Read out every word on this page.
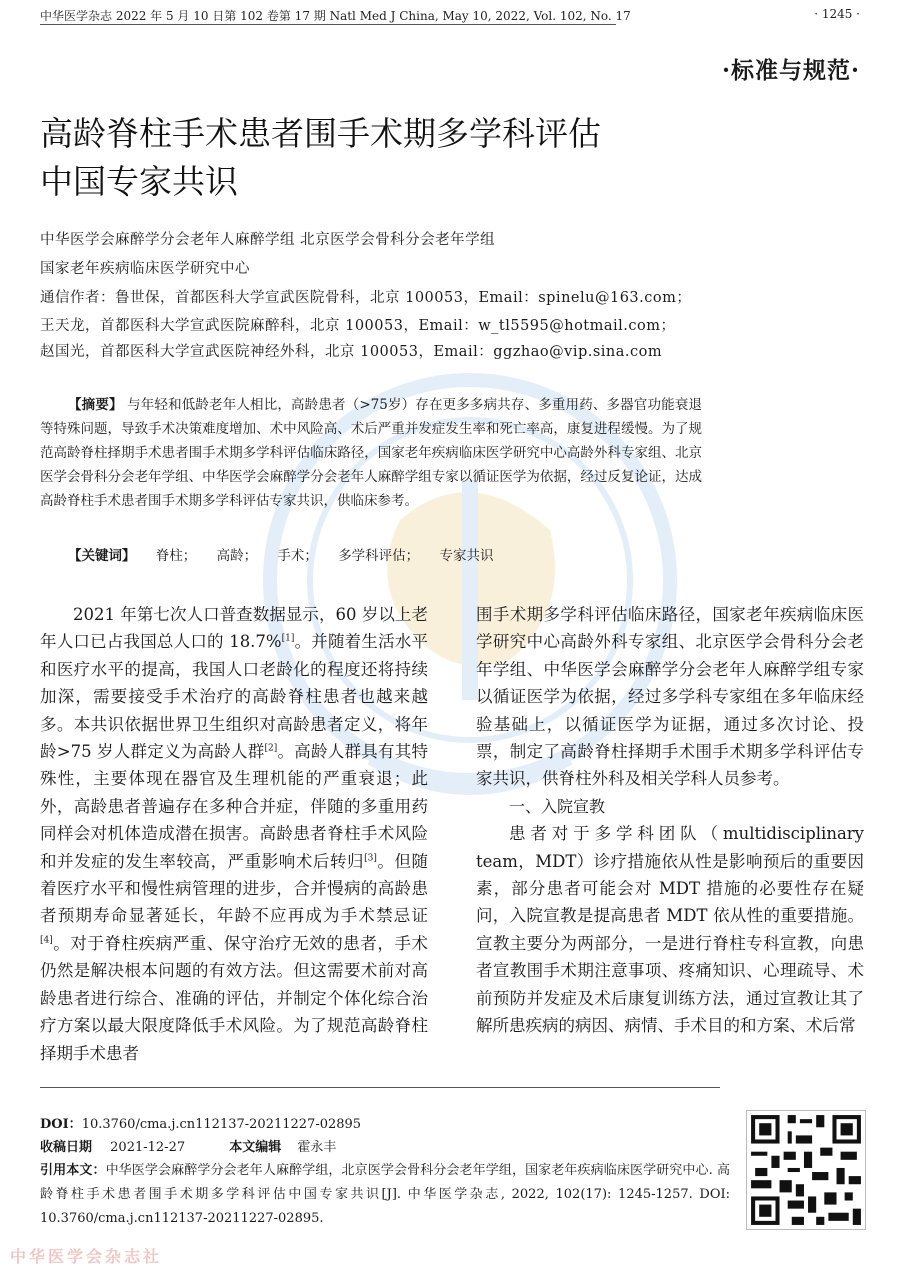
中华医学杂志 2022 年 5 月 10 日第 102 卷第 17 期 Natl Med J China, May 10, 2022, Vol. 102, No. 17	· 1245 ·
·标准与规范·
高龄脊柱手术患者围手术期多学科评估
中国专家共识
中华医学会麻醉学分会老年人麻醉学组 北京医学会骨科分会老年学组
国家老年疾病临床医学研究中心
通信作者：鲁世保，首都医科大学宣武医院骨科，北京 100053，Email：spinelu@163.com；
王天龙，首都医科大学宣武医院麻醉科，北京 100053，Email：w_tl5595@hotmail.com；
赵国光，首都医科大学宣武医院神经外科，北京 100053，Email：ggzhao@vip.sina.com
【摘要】 与年轻和低龄老年人相比，高龄患者（>75岁）存在更多多病共存、多重用药、多器官功能衰退等特殊问题，导致手术决策难度增加、术中风险高、术后严重并发症发生率和死亡率高，康复进程缓慢。为了规范高龄脊柱择期手术患者围手术期多学科评估临床路径，国家老年疾病临床医学研究中心高龄外科专家组、北京医学会骨科分会老年学组、中华医学会麻醉学分会老年人麻醉学组专家以循证医学为依据，经过反复论证，达成高龄脊柱手术患者围手术期多学科评估专家共识，供临床参考。
【关键词】 脊柱； 高龄； 手术； 多学科评估； 专家共识

2021 年第七次人口普查数据显示，60 岁以上老年人口已占我国总人口的 18.7%[1]。并随着生活水平和医疗水平的提高，我国人口老龄化的程度还将持续加深，需要接受手术治疗的高龄脊柱患者也越来越多。本共识依据世界卫生组织对高龄患者定义，将年龄>75 岁人群定义为高龄人群[2]。高龄人群具有其特殊性，主要体现在器官及生理机能的严重衰退；此外，高龄患者普遍存在多种合并症，伴随的多重用药同样会对机体造成潜在损害。高龄患者脊柱手术风险和并发症的发生率较高，严重影响术后转归[3]。但随着医疗水平和慢性病管理的进步，合并慢病的高龄患者预期寿命显著延长，年龄不应再成为手术禁忌证[4]。对于脊柱疾病严重、保守治疗无效的患者，手术仍然是解决根本问题的有效方法。但这需要术前对高龄患者进行综合、准确的评估，并制定个体化综合治疗方案以最大限度降低手术风险。为了规范高龄脊柱择期手术患者

围手术期多学科评估临床路径，国家老年疾病临床医学研究中心高龄外科专家组、北京医学会骨科分会老年学组、中华医学会麻醉学分会老年人麻醉学组专家以循证医学为依据，经过多学科专家组在多年临床经验基础上，以循证医学为证据，通过多次讨论、投票，制定了高龄脊柱择期手术围手术期多学科评估专家共识，供脊柱外科及相关学科人员参考。

一、入院宣教

患者对于多学科团队（multidisciplinary team，MDT）诊疗措施依从性是影响预后的重要因素，部分患者可能会对 MDT 措施的必要性存在疑问，入院宣教是提高患者 MDT 依从性的重要措施。宣教主要分为两部分，一是进行脊柱专科宣教，向患者宣教围手术期注意事项、疼痛知识、心理疏导、术前预防并发症及术后康复训练方法，通过宣教让其了解所患疾病的病因、病情、手术目的和方案、术后常

DOI：10.3760/cma.j.cn112137-20211227-02895
收稿日期 2021-12-27	本文编辑 霍永丰
引用本文：中华医学会麻醉学分会老年人麻醉学组，北京医学会骨科分会老年学组，国家老年疾病临床医学研究中心. 高龄脊柱手术患者围手术期多学科评估中国专家共识[J]. 中华医学杂志, 2022, 102(17): 1245-1257. DOI: 10.3760/cma.j.cn112137-20211227-02895.
中华医学会杂志社
